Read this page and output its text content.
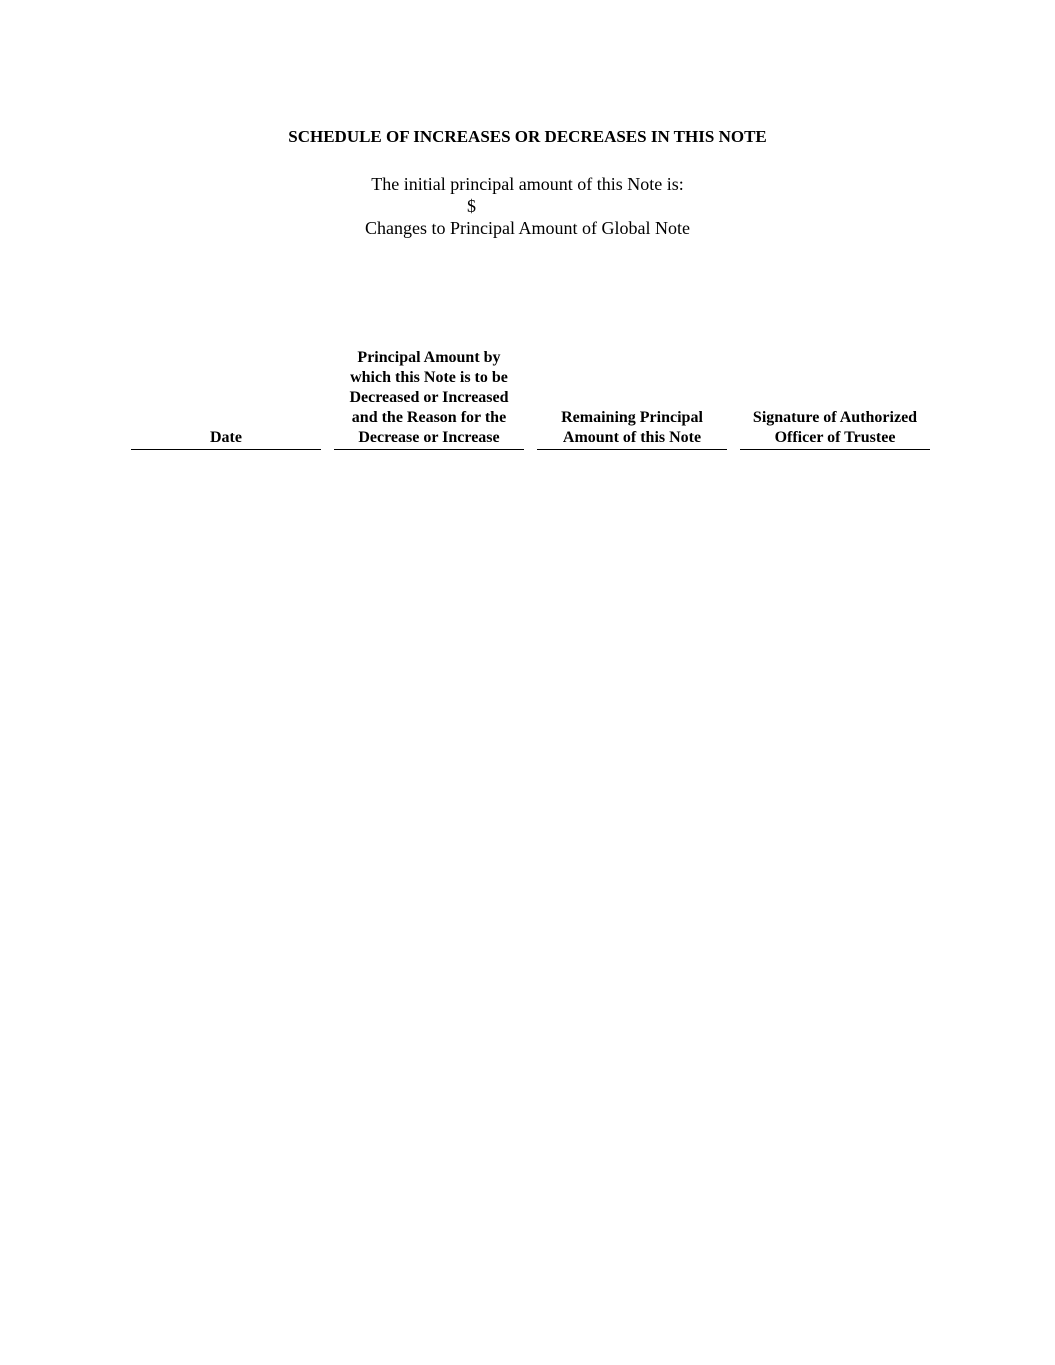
SCHEDULE OF INCREASES OR DECREASES IN THIS NOTE
The initial principal amount of this Note is:
$
Changes to Principal Amount of Global Note
Date
Principal Amount by
which this Note is to be
Decreased or Increased
and the Reason for the
Decrease or Increase
Remaining Principal
Amount of this Note
Signature of Authorized
Officer of Trustee
